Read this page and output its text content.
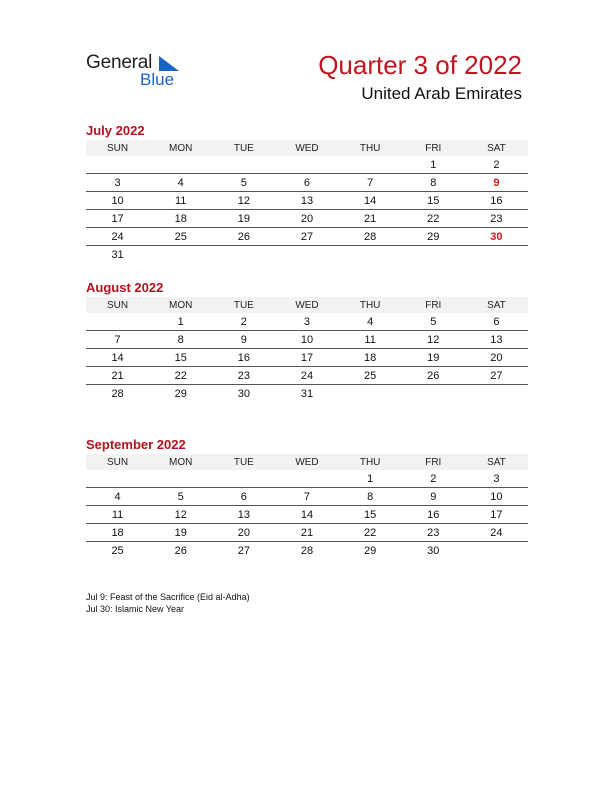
General
Blue	Quarter 3 of 2022
United Arab Emirates
July 2022
SUN	MON	TUE	WED	THU	FRI	SAT
					1	2
3	4	5	6	7	8	9
10	11	12	13	14	15	16
17	18	19	20	21	22	23
24	25	26	27	28	29	30
31						
August 2022
SUN	MON	TUE	WED	THU	FRI	SAT
	1	2	3	4	5	6
7	8	9	10	11	12	13
14	15	16	17	18	19	20
21	22	23	24	25	26	27
28	29	30	31			
September 2022
SUN	MON	TUE	WED	THU	FRI	SAT
				1	2	3
4	5	6	7	8	9	10
11	12	13	14	15	16	17
18	19	20	21	22	23	24
25	26	27	28	29	30	
Jul 9: Feast of the Sacrifice (Eid al-Adha)
Jul 30: Islamic New Year
